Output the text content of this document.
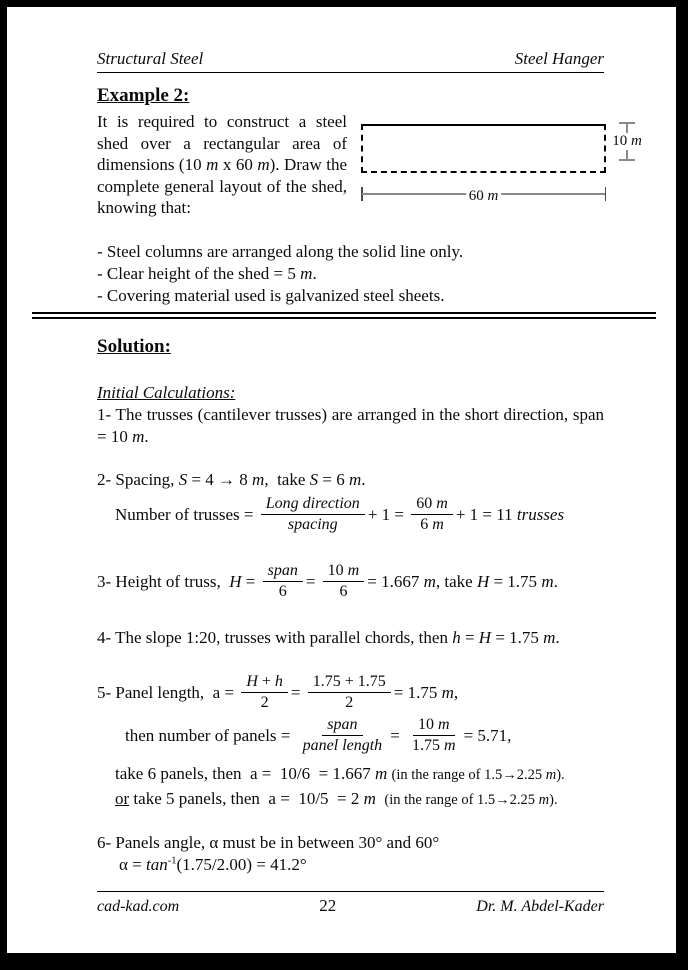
Structural Steel	Steel Hanger
Example 2:

It is required to construct a steel shed over a rectangular area of dimensions (10 m x 60 m). Draw the complete general layout of the shed, knowing that:

10 m
60 m

- Steel columns are arranged along the solid line only.

- Clear height of the shed = 5 m.

- Covering material used is galvanized steel sheets.

Solution:
Initial Calculations:

1- The trusses (cantilever trusses) are arranged in the short direction, span = 10 m.

2- Spacing, S = 4 → 8 m,  take S = 6 m.

Number of trusses = $\frac{\text{Long direction}}{\text{spacing}} + 1 = \frac{60 m}{6 m} + 1 = 11$ trusses
3- Height of truss,  $H = \frac{\text{span}}{6} = \frac{10 m}{6} = 1.667$ m, take H = 1.75 m.

4- The slope 1:20, trusses with parallel chords, then h = H = 1.75 m.

5- Panel length,  $a = \frac{H + h}{2} = \frac{1.75 + 1.75}{2} = 1.75$ m,
then number of panels = $\frac{\text{span}}{\text{panel length}} = \frac{10 m}{1.75 m} = 5.71$,

take 6 panels, then  a =  10/6  = 1.667 m (in the range of 1.5→2.25 m).

or take 5 panels, then  a =  10/5  = 2 m (in the range of 1.5→2.25 m).

6- Panels angle, α must be in between 30° and 60°

$\alpha = \tan^{-1}(1.75/2.00) = 41.2^\circ$

cad-kad.com	22	Dr. M. Abdel-Kader
